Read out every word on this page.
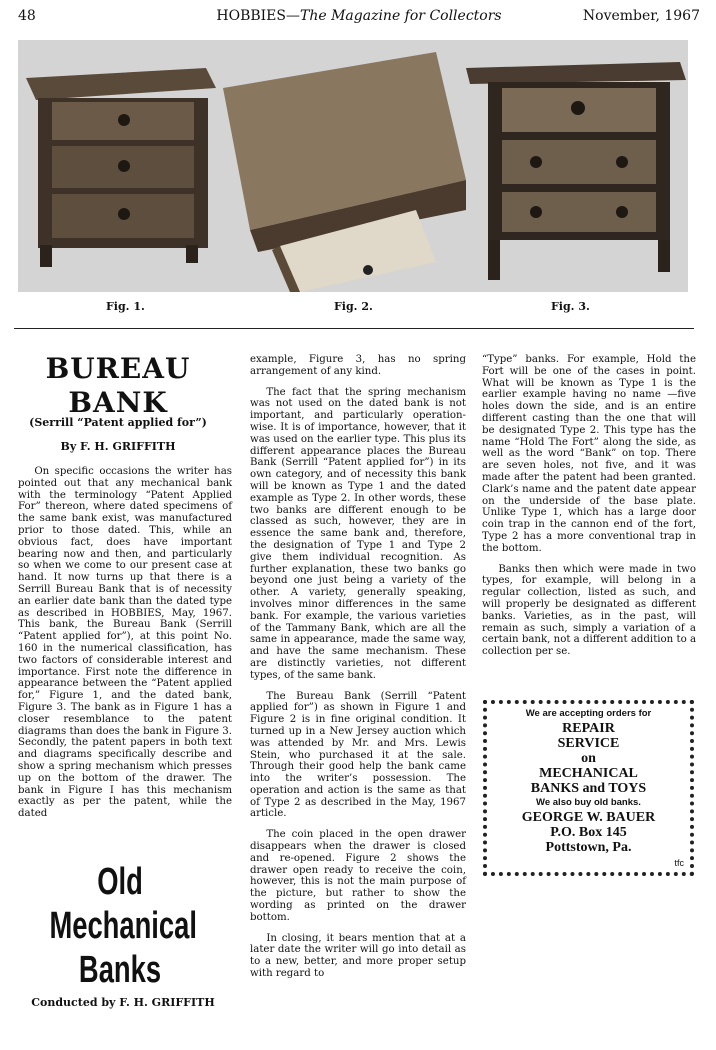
48	HOBBIES—The Magazine for Collectors	November, 1967
Fig. 1.	Fig. 2.	Fig. 3.
BUREAU
BANK
(Serrill “Patent applied for”)
By F. H. GRIFFITH

On specific occasions the writer has pointed out that any mechanical bank with the terminology “Patent Applied For” thereon, where dated specimens of the same bank exist, was manufactured prior to those dated. This, while an obvious fact, does have important bearing now and then, and particularly so when we come to our present case at hand. It now turns up that there is a Serrill Bureau Bank that is of necessity an earlier date bank than the dated type as described in HOBBIES, May, 1967. This bank, the Bureau Bank (Serrill “Patent applied for”), at this point No. 160 in the numerical classification, has two factors of considerable interest and importance. First note the difference in appearance between the “Patent applied for,” Figure 1, and the dated bank, Figure 3. The bank as in Figure 1 has a closer resemblance to the patent diagrams than does the bank in Figure 3. Secondly, the patent papers in both text and diagrams specifically describe and show a spring mechanism which presses up on the bottom of the drawer. The bank in Figure I has this mechanism exactly as per the patent, while the dated

example, Figure 3, has no spring arrangement of any kind.

The fact that the spring mechanism was not used on the dated bank is not important, and particularly operation-wise. It is of importance, however, that it was used on the earlier type. This plus its different appearance places the Bureau Bank (Serrill “Patent applied for”) in its own category, and of necessity this bank will be known as Type 1 and the dated example as Type 2. In other words, these two banks are different enough to be classed as such, however, they are in essence the same bank and, therefore, the designation of Type 1 and Type 2 give them individual recognition. As further explanation, these two banks go beyond one just being a variety of the other. A variety, generally speaking, involves minor differences in the same bank. For example, the various varieties of the Tammany Bank, which are all the same in appearance, made the same way, and have the same mechanism. These are distinctly varieties, not different types, of the same bank.

The Bureau Bank (Serrill “Patent applied for”) as shown in Figure 1 and Figure 2 is in fine original condition. It turned up in a New Jersey auction which was attended by Mr. and Mrs. Lewis Stein, who purchased it at the sale. Through their good help the bank came into the writer’s possession. The operation and action is the same as that of Type 2 as described in the May, 1967 article.

The coin placed in the open drawer disappears when the drawer is closed and re-opened. Figure 2 shows the drawer open ready to receive the coin, however, this is not the main purpose of the picture, but rather to show the wording as printed on the drawer bottom.

In closing, it bears mention that at a later date the writer will go into detail as to a new, better, and more proper setup with regard to

“Type” banks. For example, Hold the Fort will be one of the cases in point. What will be known as Type 1 is the earlier example having no name —five holes down the side, and is an entire different casting than the one that will be designated Type 2. This type has the name “Hold The Fort” along the side, as well as the word “Bank” on top. There are seven holes, not five, and it was made after the patent had been granted. Clark’s name and the patent date appear on the underside of the base plate. Unlike Type 1, which has a large door coin trap in the cannon end of the fort, Type 2 has a more conventional trap in the bottom.

Banks then which were made in two types, for example, will belong in a regular collection, listed as such, and will properly be designated as different banks. Varieties, as in the past, will remain as such, simply a variation of a certain bank, not a different addition to a collection per se.

Old
Mechanical
Banks
Conducted by F. H. GRIFFITH
We are accepting orders for
REPAIR
SERVICE
on
MECHANICAL
BANKS and TOYS
We also buy old banks.
GEORGE W. BAUER
P.O. Box 145
Pottstown, Pa.
tfc
